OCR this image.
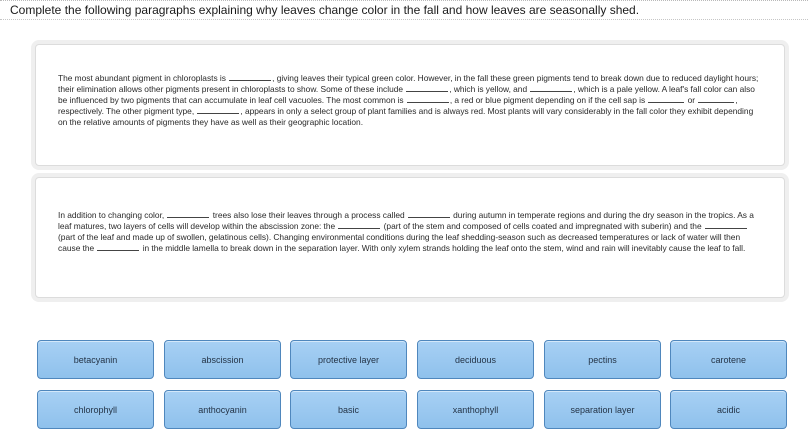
Complete the following paragraphs explaining why leaves change color in the fall and how leaves are seasonally shed.

The most abundant pigment in chloroplasts is	, giving leaves their typical green color. However, in the fall these green pigments tend to break down due to reduced daylight hours; their elimination allows other pigments present in chloroplasts to show. Some of these include	, which is yellow, and	, which is a pale yellow. A leaf's fall color can also be influenced by two pigments that can accumulate in leaf cell vacuoles. The most common is	, a red or blue pigment depending on if the cell sap is	or	, respectively. The other pigment type,	, appears in only a select group of plant families and is always red. Most plants will vary considerably in the fall color they exhibit depending on the relative amounts of pigments they have as well as their geographic location.

In addition to changing color,	trees also lose their leaves through a process called	during autumn in temperate regions and during the dry season in the tropics. As a leaf matures, two layers of cells will develop within the abscission zone: the	(part of the stem and composed of cells coated and impregnated with suberin) and the  (part of the leaf and made up of swollen, gelatinous cells). Changing environmental conditions during the leaf shedding-season such as decreased temperatures or lack of water will then cause the	in the middle lamella to break down in the separation layer. With only xylem strands holding the leaf onto the stem, wind and rain will inevitably cause the leaf to fall.

betacyanin	abscission	protective layer	deciduous	pectins	carotene
chlorophyll	anthocyanin	basic	xanthophyll	separation layer	acidic
